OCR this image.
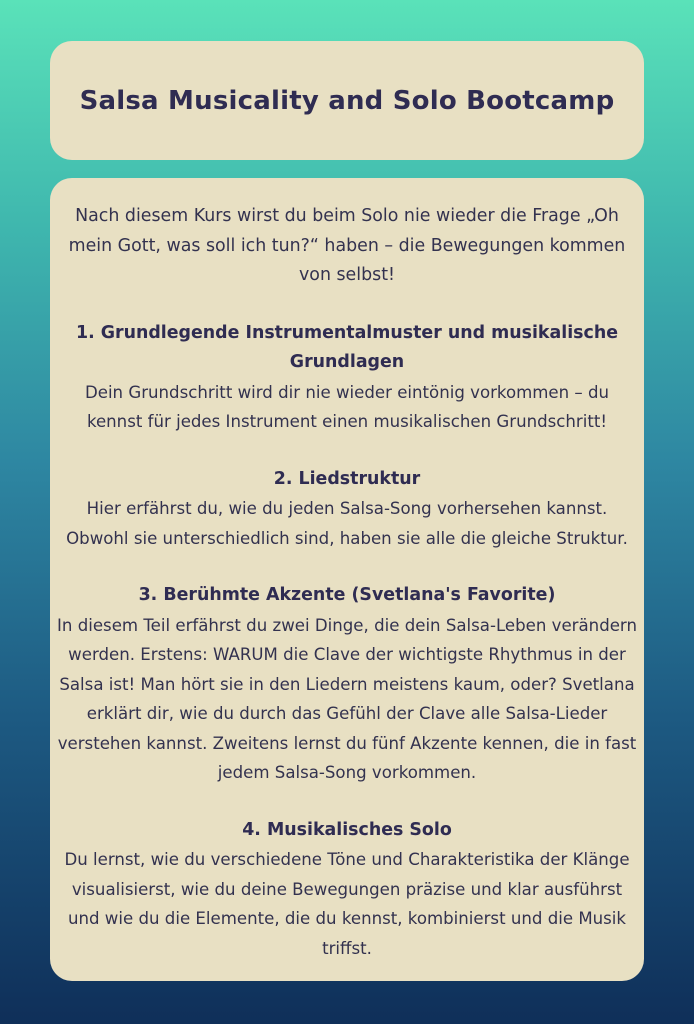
Salsa Musicality and Solo Bootcamp

Nach diesem Kurs wirst du beim Solo nie wieder die Frage „Oh mein Gott, was soll ich tun?“ haben – die Bewegungen kommen von selbst!

1. Grundlegende Instrumentalmuster und musikalische Grundlagen

Dein Grundschritt wird dir nie wieder eintönig vorkommen – du kennst für jedes Instrument einen musikalischen Grundschritt!

2. Liedstruktur

Hier erfährst du, wie du jeden Salsa-Song vorhersehen kannst. Obwohl sie unterschiedlich sind, haben sie alle die gleiche Struktur.

3. Berühmte Akzente (Svetlana's Favorite)

In diesem Teil erfährst du zwei Dinge, die dein Salsa-Leben verändern werden. Erstens: WARUM die Clave der wichtigste Rhythmus in der Salsa ist! Man hört sie in den Liedern meistens kaum, oder? Svetlana erklärt dir, wie du durch das Gefühl der Clave alle Salsa-Lieder verstehen kannst. Zweitens lernst du fünf Akzente kennen, die in fast jedem Salsa-Song vorkommen.

4. Musikalisches Solo

Du lernst, wie du verschiedene Töne und Charakteristika der Klänge visualisierst, wie du deine Bewegungen präzise und klar ausführst und wie du die Elemente, die du kennst, kombinierst und die Musik triffst.
